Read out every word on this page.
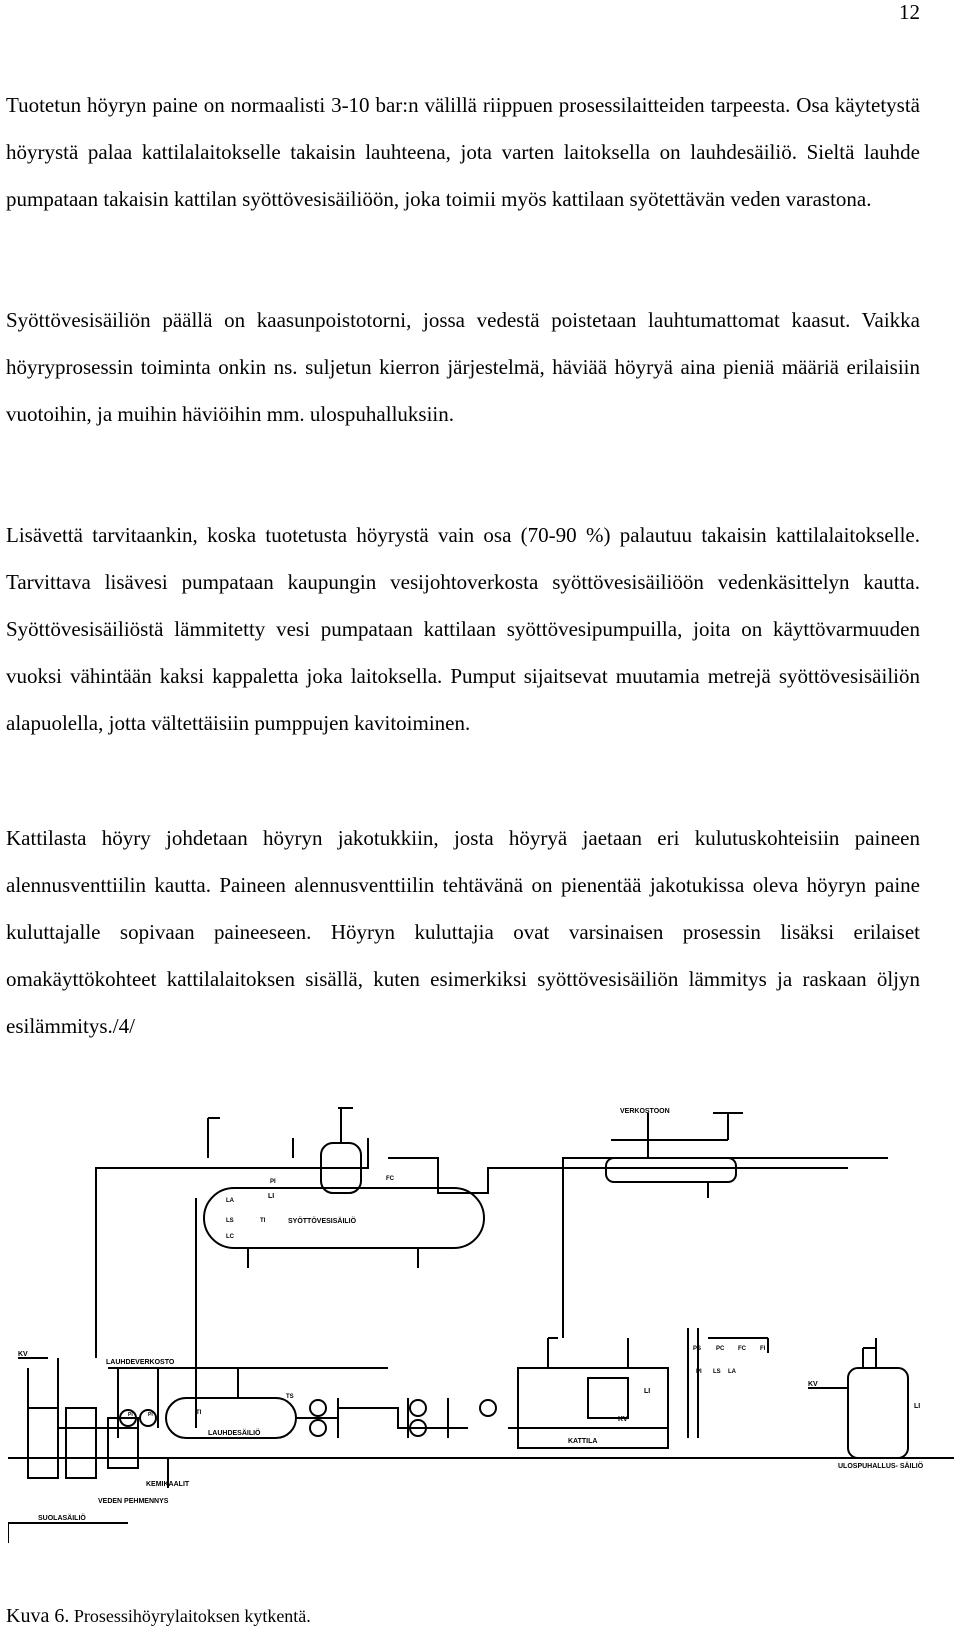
12

Tuotetun höyryn paine on normaalisti 3-10 bar:n välillä riippuen prosessilaitteiden tarpeesta. Osa käytetystä höyrystä palaa kattilalaitokselle takaisin lauhteena, jota varten laitoksella on lauhdesäiliö. Sieltä lauhde pumpataan takaisin kattilan syöttövesisäiliöön, joka toimii myös kattilaan syötettävän veden varastona.

Syöttövesisäiliön päällä on kaasunpoistotorni, jossa vedestä poistetaan lauhtumattomat kaasut. Vaikka höyryprosessin toiminta onkin ns. suljetun kierron järjestelmä, häviää höyryä aina pieniä määriä erilaisiin vuotoihin, ja muihin häviöihin mm. ulospuhalluksiin.

Lisävettä tarvitaankin, koska tuotetusta höyrystä vain osa (70-90 %) palautuu takaisin kattilalaitokselle. Tarvittava lisävesi pumpataan kaupungin vesijohtoverkosta syöttövesisäiliöön vedenkäsittelyn kautta. Syöttövesisäiliöstä lämmitetty vesi pumpataan kattilaan syöttövesipumpuilla, joita on käyttövarmuuden vuoksi vähintään kaksi kappaletta joka laitoksella. Pumput sijaitsevat muutamia metrejä syöttövesisäiliön alapuolella, jotta vältettäisiin pumppujen kavitoiminen.

Kattilasta höyry johdetaan höyryn jakotukkiin, josta höyryä jaetaan eri kulutuskohteisiin paineen alennusventtiilin kautta. Paineen alennusventtiilin tehtävänä on pienentää jakotukissa oleva höyryn paine kuluttajalle sopivaan paineeseen. Höyryn kuluttajia ovat varsinaisen prosessin lisäksi erilaiset omakäyttökohteet kattilalaitoksen sisällä, kuten esimerkiksi syöttövesisäiliön lämmitys ja raskaan öljyn esilämmitys./4/

SYÖTTÖVESISÄILIÖ
LAUHDESÄILIÖ
LAUHDEVERKOSTO
VERKOSTOON
KATTILA
ULOSPUHALLUS- SÄILIÖ
KV
KV
KV
KEMIKAALIT
VEDEN PEHMENNYS
SUOLASÄILIÖ
LI
LI
LI
TI
TI
TS
FC
PI
PC
LA
LS
LC
PS
PI
FC FI
LS LA
PI	PI
Kuva 6. Prosessihöyrylaitoksen kytkentä.
